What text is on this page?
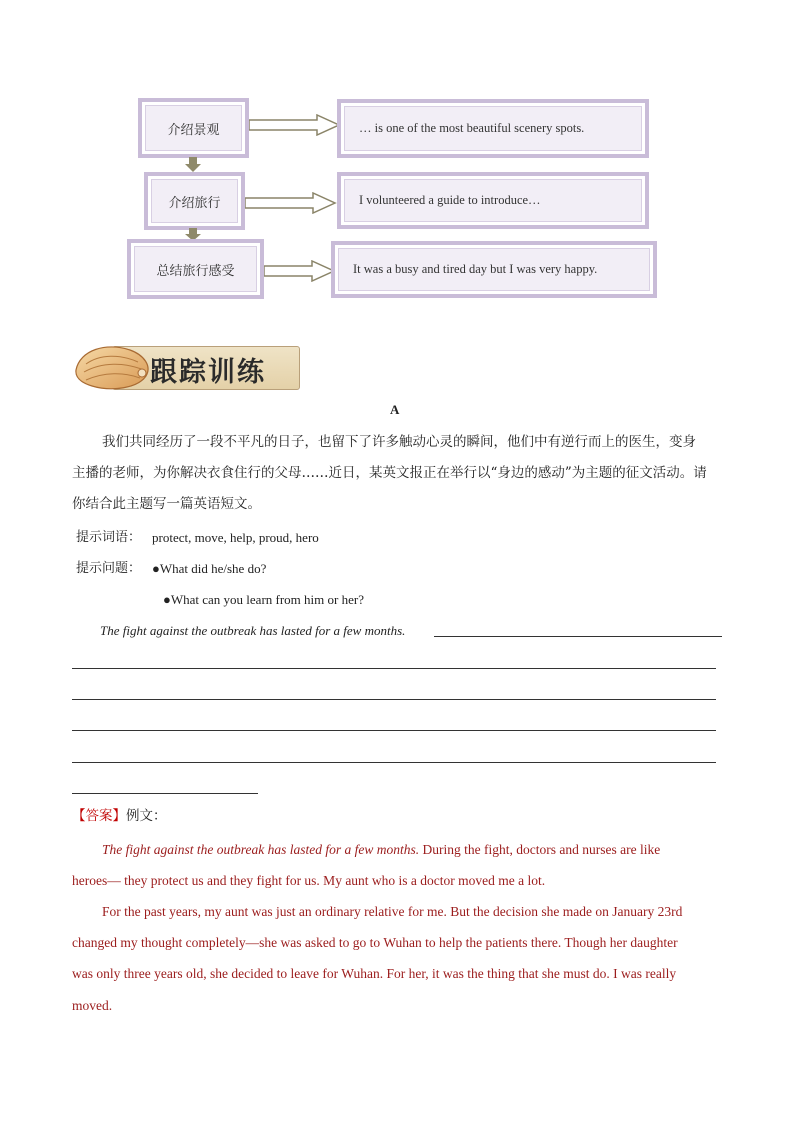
介绍景观	… is one of the most beautiful scenery spots.
介绍旅行	I volunteered a guide to introduce…
总结旅行感受	It was a busy and tired day but I was very happy.
跟踪训练
A
我们共同经历了一段不平凡的日子，也留下了许多触动心灵的瞬间，他们中有逆行而上的医生，变身
主播的老师，为你解决衣食住行的父母……近日，某英文报正在举行以“身边的感动”为主题的征文活动。请
你结合此主题写一篇英语短文。
提示词语： protect, move, help, proud, hero
提示问题： ●What did he/she do?
●What can you learn from him or her?
The fight against the outbreak has lasted for a few months.
【答案】例文：
The fight against the outbreak has lasted for a few months. During the fight, doctors and nurses are like
heroes— they protect us and they fight for us. My aunt who is a doctor moved me a lot.
For the past years, my aunt was just an ordinary relative for me. But the decision she made on January 23rd
changed my thought completely—she was asked to go to Wuhan to help the patients there. Though her daughter
was only three years old, she decided to leave for Wuhan. For her, it was the thing that she must do. I was really
moved.
